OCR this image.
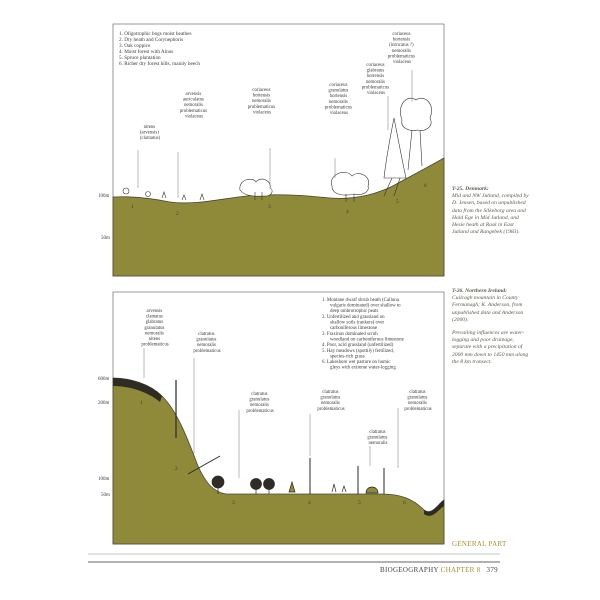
100m
50m
1
2
3
4
5
6
1. Oligotrophic bogs moist heathes
2. Dry heath and Corynephoris
3. Oak coppice
4. Moist forest with Alnus
5. Spruce plantation
6. Richer dry forest hills, mainly beech
nitens (arvensis) (clamatus)
arvensis auriculatus nemoralis problematicus violaceus
coriaceus hortensis nemoralis problematicus violaceus
coriaceus granulatus hortensis nemoralis problematicus violaceus
coriaceus glabratus hortensis nemoralis problematicus violaceus
coriaceus hortensis (intricatus ?) nemoralis problematicus violaceus
600m
200m
100m
50m
1
2
3	4	5	6
1. Montane dwarf shrub heath (Calluna vulgaris dominated) over shallow to deep ombrotrophic peats
2. Unfertilized and grassland on shallow soils (rankers) over carboniferous limestone
3. Fraxinus dominated scrub woodland on carboniferous limestone
4. Poor, acid grassland (unfertilized)
5. Hay meadows (spottily) fertilized, species-rich grass
6. Lakeshore wet pasture on humic gleys with extreme water-logging
arvensis clamatus glabratus granulatus nemoralis nitens problematicus
clatratus granulatus nemoralis problematicus
clatratus granulatus nemoralis problematicus
clatratus granulatus nemoralis problematicus
clatratus granulatus nemoralis
clatratus granulatus nemoralis problematicus
T-25. Denmark:
Mid and NW Jutland, compiled by D. Jensen, based on unpublished data from the Silkeborg area and Hald Ege in Mid Jutland, and Hesie heath at Rask in East Jutland and Rangebek (1983).
T-26. Northern Ireland:
Cuilcagh mountain in County Fermanagh; K. Anderson, from unpublished data and Anderson (2000).
Prevailing influences are water-logging and poor drainage, separate with a precipitation of 2000 mm down to 1450 mm along the 8 km transect.
GENERAL PART
BIOGEOGRAPHY CHAPTER 8 379
